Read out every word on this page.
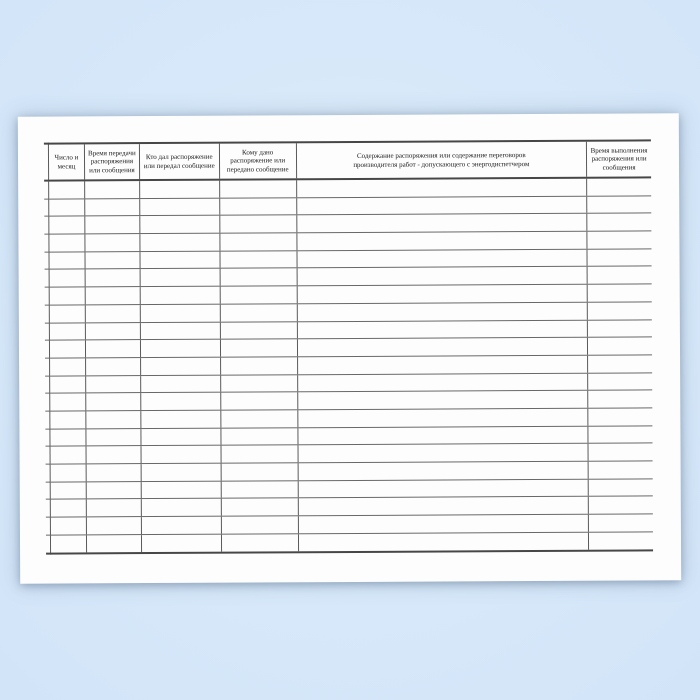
Число и
месяц
Время передачи
распоряжения
или сообщения
Кто дал распоряжение
или передал сообщение
Кому дано
распоряжение или
передано сообщение
Содержание распоряжения или содержание переговоров
производителя работ - допускающего с энергодиспетчером
Время выполнения
распоряжения или
сообщения
